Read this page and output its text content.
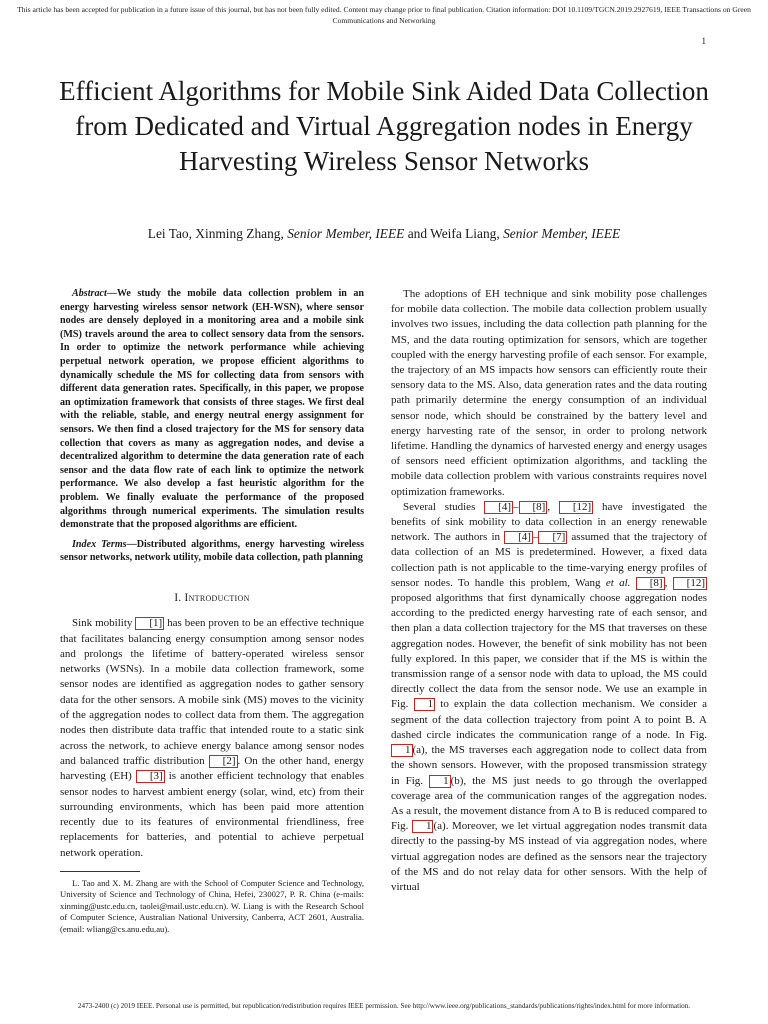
This article has been accepted for publication in a future issue of this journal, but has not been fully edited. Content may change prior to final publication. Citation information: DOI 10.1109/TGCN.2019.2927619, IEEE Transactions on Green Communications and Networking
1
Efficient Algorithms for Mobile Sink Aided Data Collection from Dedicated and Virtual Aggregation nodes in Energy Harvesting Wireless Sensor Networks
Lei Tao, Xinming Zhang, Senior Member, IEEE and Weifa Liang, Senior Member, IEEE

Abstract—We study the mobile data collection problem in an energy harvesting wireless sensor network (EH-WSN), where sensor nodes are densely deployed in a monitoring area and a mobile sink (MS) travels around the area to collect sensory data from the sensors. In order to optimize the network performance while achieving perpetual network operation, we propose efficient algorithms to dynamically schedule the MS for collecting data from sensors with different data generation rates. Specifically, in this paper, we propose an optimization framework that consists of three stages. We first deal with the reliable, stable, and energy neutral energy assignment for sensors. We then find a closed trajectory for the MS for sensory data collection that covers as many as aggregation nodes, and devise a decentralized algorithm to determine the data generation rate of each sensor and the data flow rate of each link to optimize the network performance. We also develop a fast heuristic algorithm for the problem. We finally evaluate the performance of the proposed algorithms through numerical experiments. The simulation results demonstrate that the proposed algorithms are efficient.

Index Terms—Distributed algorithms, energy harvesting wireless sensor networks, network utility, mobile data collection, path planning

I. Introduction

Sink mobility [1] has been proven to be an effective technique that facilitates balancing energy consumption among sensor nodes and prolongs the lifetime of battery-operated wireless sensor networks (WSNs). In a mobile data collection framework, some sensor nodes are identified as aggregation nodes to gather sensory data for the other sensors. A mobile sink (MS) moves to the vicinity of the aggregation nodes to collect data from them. The aggregation nodes then distribute data traffic that intended route to a static sink across the network, to achieve energy balance among sensor nodes and balanced traffic distribution [2] . On the other hand, energy harvesting (EH) [3] is another efficient technology that enables sensor nodes to harvest ambient energy (solar, wind, etc) from their surrounding environments, which has been paid more attention recently due to its features of environmental friendliness, free replacements for batteries, and potential to achieve perpetual network operation.

L. Tao and X. M. Zhang are with the School of Computer Science and Technology, University of Science and Technology of China, Hefei, 230027, P. R. China (e-mails: xinming@ustc.edu.cn, taolei@mail.ustc.edu.cn). W. Liang is with the Research School of Computer Science, Australian National University, Canberra, ACT 2601, Australia. (email: wliang@cs.anu.edu.au).

The adoptions of EH technique and sink mobility pose challenges for mobile data collection. The mobile data collection problem usually involves two issues, including the data collection path planning for the MS, and the data routing optimization for sensors, which are together coupled with the energy harvesting profile of each sensor. For example, the trajectory of an MS impacts how sensors can efficiently route their sensory data to the MS. Also, data generation rates and the data routing path primarily determine the energy consumption of an individual sensor node, which should be constrained by the battery level and energy harvesting rate of the sensor, in order to prolong network lifetime. Handling the dynamics of harvested energy and energy usages of sensors need efficient optimization algorithms, and tackling the mobile data collection problem with various constraints requires novel optimization frameworks.

Several studies [4] – [8] , [12] have investigated the benefits of sink mobility to data collection in an energy renewable network. The authors in [4] – [7] assumed that the trajectory of data collection of an MS is predetermined. However, a fixed data collection path is not applicable to the time-varying energy profiles of sensor nodes. To handle this problem, Wang et al. [8] , [12] proposed algorithms that first dynamically choose aggregation nodes according to the predicted energy harvesting rate of each sensor, and then plan a data collection trajectory for the MS that traverses on these aggregation nodes. However, the benefit of sink mobility has not been fully explored. In this paper, we consider that if the MS is within the transmission range of a sensor node with data to upload, the MS could directly collect the data from the sensor node. We use an example in Fig. 1 to explain the data collection mechanism. We consider a segment of the data collection trajectory from point A to point B. A dashed circle indicates the communication range of a node. In Fig. 1 (a), the MS traverses each aggregation node to collect data from the shown sensors. However, with the proposed transmission strategy in Fig. 1 (b), the MS just needs to go through the overlapped coverage area of the communication ranges of the aggregation nodes. As a result, the movement distance from A to B is reduced compared to Fig. 1 (a). Moreover, we let virtual aggregation nodes transmit data directly to the passing-by MS instead of via aggregation nodes, where virtual aggregation nodes are defined as the sensors near the trajectory of the MS and do not relay data for other sensors. With the help of virtual

2473-2400 (c) 2019 IEEE. Personal use is permitted, but republication/redistribution requires IEEE permission. See http://www.ieee.org/publications_standards/publications/rights/index.html for more information.
